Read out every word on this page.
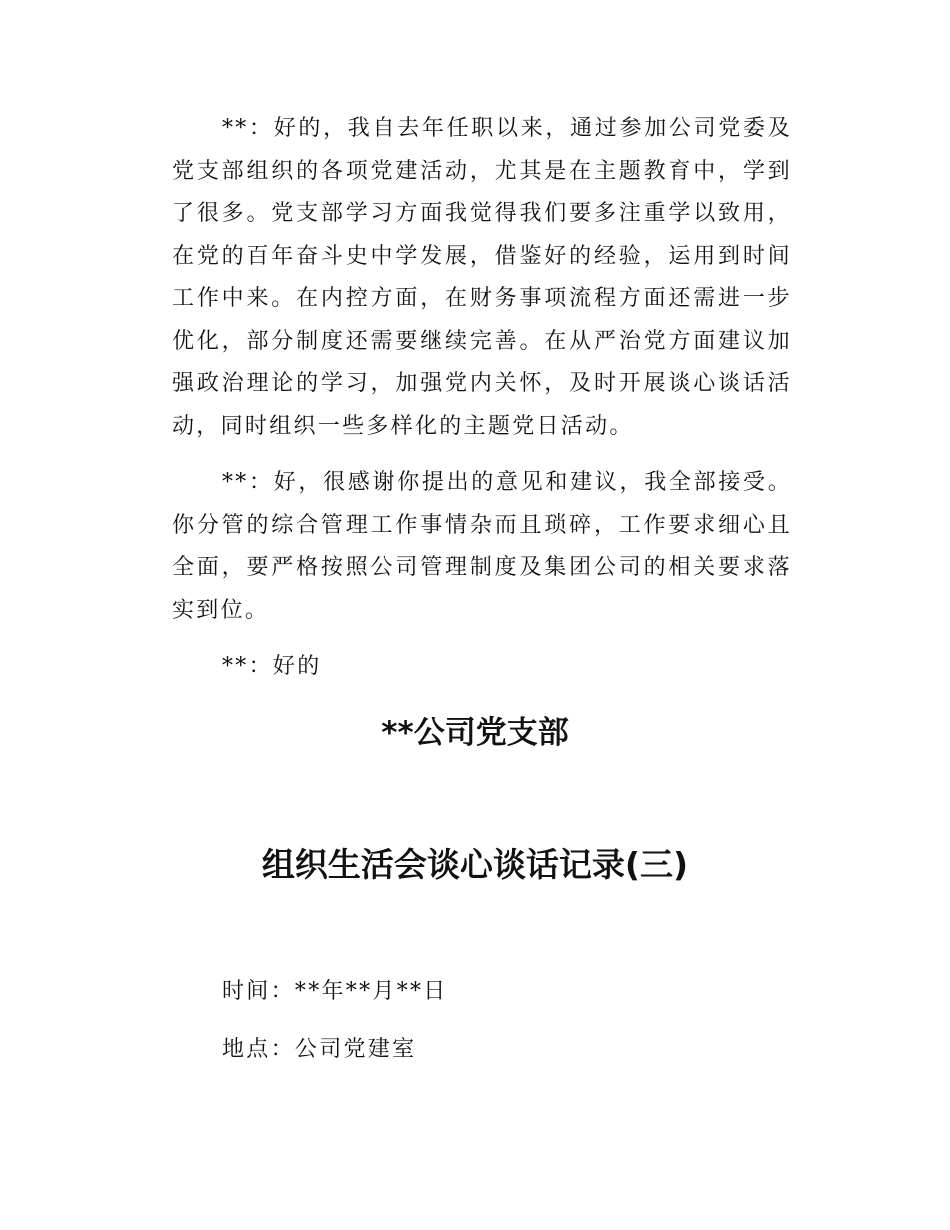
**：好的，我自去年任职以来，通过参加公司党委及党支部组织的各项党建活动，尤其是在主题教育中，学到了很多。党支部学习方面我觉得我们要多注重学以致用，在党的百年奋斗史中学发展，借鉴好的经验，运用到时间工作中来。在内控方面，在财务事项流程方面还需进一步优化，部分制度还需要继续完善。在从严治党方面建议加强政治理论的学习，加强党内关怀，及时开展谈心谈话活动，同时组织一些多样化的主题党日活动。

**：好，很感谢你提出的意见和建议，我全部接受。你分管的综合管理工作事情杂而且琐碎，工作要求细心且全面，要严格按照公司管理制度及集团公司的相关要求落实到位。

**：好的

**公司党支部
组织生活会谈心谈话记录(三)

时间：**年**月**日

地点：公司党建室
